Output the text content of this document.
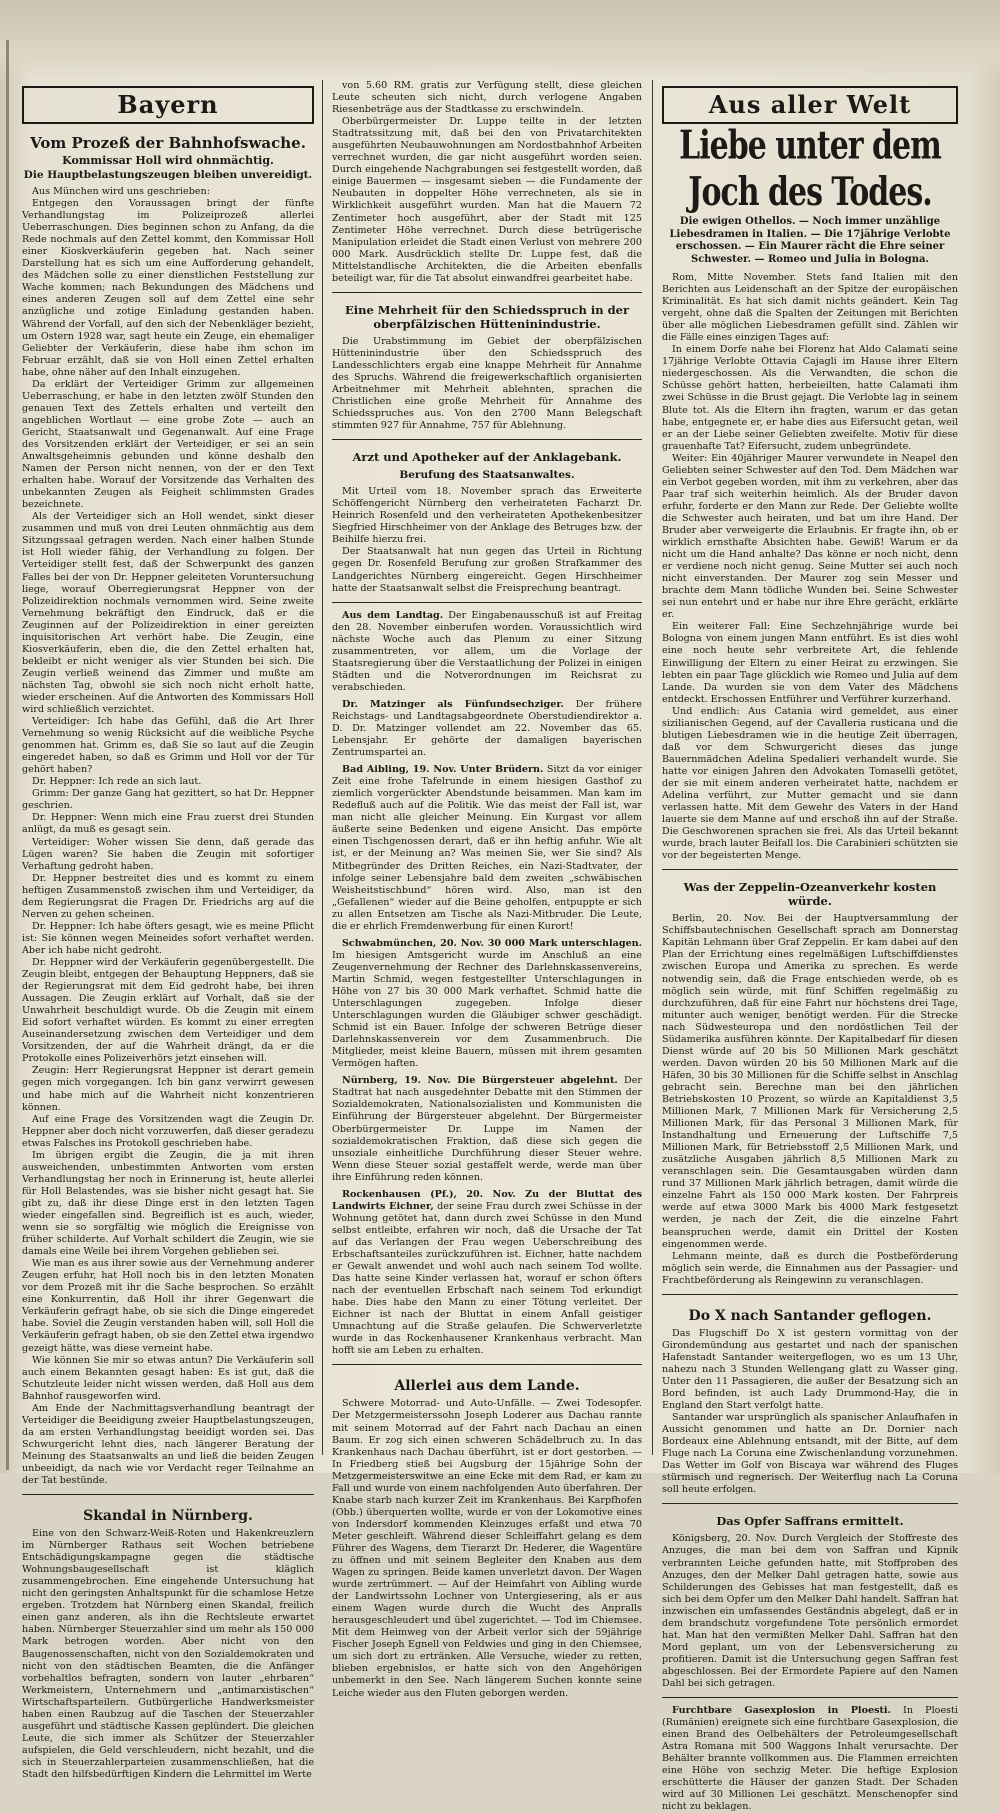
Bayern
Vom Prozeß der Bahnhofswache.
Kommissar Holl wird ohnmächtig.
Die Hauptbelastungszeugen bleiben unvereidigt.

Aus München wird uns geschrieben:

Entgegen den Voraussagen bringt der fünfte Verhandlungstag im Polizeiprozeß allerlei Ueberraschungen. Dies beginnen schon zu Anfang, da die Rede nochmals auf den Zettel kommt, den Kommissar Holl einer Kioskverkäuferin gegeben hat. Nach seiner Darstellung hat es sich um eine Aufforderung gehandelt, des Mädchen solle zu einer dienstlichen Feststellung zur Wache kommen; nach Bekundungen des Mädchens und eines anderen Zeugen soll auf dem Zettel eine sehr anzügliche und zotige Einladung gestanden haben. Während der Vorfall, auf den sich der Nebenkläger bezieht, um Ostern 1928 war, sagt heute ein Zeuge, ein ehemaliger Geliebter der Verkäuferin, diese habe ihm schon im Februar erzählt, daß sie von Holl einen Zettel erhalten habe, ohne näher auf den Inhalt einzugehen.

Da erklärt der Verteidiger Grimm zur allgemeinen Ueberraschung, er habe in den letzten zwölf Stunden den genauen Text des Zettels erhalten und verteilt den angeblichen Wortlaut — eine grobe Zote — auch an Gericht, Staatsanwalt und Gegenanwalt. Auf eine Frage des Vorsitzenden erklärt der Verteidiger, er sei an sein Anwaltsgeheimnis gebunden und könne deshalb den Namen der Person nicht nennen, von der er den Text erhalten habe. Worauf der Vorsitzende das Verhalten des unbekannten Zeugen als Feigheit schlimmsten Grades bezeichnete.

Als der Verteidiger sich an Holl wendet, sinkt dieser zusammen und muß von drei Leuten ohnmächtig aus dem Sitzungssaal getragen werden. Nach einer halben Stunde ist Holl wieder fähig, der Verhandlung zu folgen. Der Verteidiger stellt fest, daß der Schwerpunkt des ganzen Falles bei der von Dr. Heppner geleiteten Voruntersuchung liege, worauf Oberregierungsrat Heppner von der Polizeidirektion nochmals vernommen wird. Seine zweite Vernehmung bekräftigt den Eindruck, daß er die Zeuginnen auf der Polizeidirektion in einer gereizten inquisitorischen Art verhört habe. Die Zeugin, eine Kiosverkäuferin, eben die, die den Zettel erhalten hat, bekleibt er nicht weniger als vier Stunden bei sich. Die Zeugin verließ weinend das Zimmer und mußte am nächsten Tag, obwohl sie sich noch nicht erholt hatte, wieder erscheinen. Auf die Antworten des Kommissars Holl wird schließlich verzichtet.

Verteidiger: Ich habe das Gefühl, daß die Art Ihrer Vernehmung so wenig Rücksicht auf die weibliche Psyche genommen hat. Grimm es, daß Sie so laut auf die Zeugin eingeredet haben, so daß es Grimm und Holl vor der Tür gehört haben?

Dr. Heppner: Ich rede an sich laut.

Grimm: Der ganze Gang hat gezittert, so hat Dr. Heppner geschrien.

Dr. Heppner: Wenn mich eine Frau zuerst drei Stunden anlügt, da muß es gesagt sein.

Verteidiger: Woher wissen Sie denn, daß gerade das Lügen waren? Sie haben die Zeugin mit sofortiger Verhaftung gedroht haben.

Dr. Heppner bestreitet dies und es kommt zu einem heftigen Zusammenstoß zwischen ihm und Verteidiger, da dem Regierungsrat die Fragen Dr. Friedrichs arg auf die Nerven zu gehen scheinen.

Dr. Heppner: Ich habe öfters gesagt, wie es meine Pflicht ist: Sie können wegen Meineides sofort verhaftet werden. Aber ich habe nicht gedroht.

Dr. Heppner wird der Verkäuferin gegenübergestellt. Die Zeugin bleibt, entgegen der Behauptung Heppners, daß sie der Regierungsrat mit dem Eid gedroht habe, bei ihren Aussagen. Die Zeugin erklärt auf Vorhalt, daß sie der Unwahrheit beschuldigt wurde. Ob die Zeugin mit einem Eid sofort verhaftet würden. Es kommt zu einer erregten Auseinandersetzung zwischen dem Verteidiger und dem Vorsitzenden, der auf die Wahrheit drängt, da er die Protokolle eines Polizeiverhörs jetzt einsehen will.

Zeugin: Herr Regierungsrat Heppner ist derart gemein gegen mich vorgegangen. Ich bin ganz verwirrt gewesen und habe mich auf die Wahrheit nicht konzentrieren können.

Auf eine Frage des Vorsitzenden wagt die Zeugin Dr. Heppner aber doch nicht vorzuwerfen, daß dieser geradezu etwas Falsches ins Protokoll geschrieben habe.

Im übrigen ergibt die Zeugin, die ja mit ihren ausweichenden, unbestimmten Antworten vom ersten Verhandlungstag her noch in Erinnerung ist, heute allerlei für Holl Belastendes, was sie bisher nicht gesagt hat. Sie gibt zu, daß ihr diese Dinge erst in den letzten Tagen wieder eingefallen sind. Begreiflich ist es auch, wieder, wenn sie so sorgfältig wie möglich die Ereignisse von früher schilderte. Auf Vorhalt schildert die Zeugin, wie sie damals eine Weile bei ihrem Vorgehen geblieben sei.

Wie man es aus ihrer sowie aus der Vernehmung anderer Zeugen erfuhr, hat Holl noch bis in den letzten Monaten vor dem Prozeß mit ihr die Sache besprochen. So erzählt eine Konkurrentin, daß Holl ihr ihrer Gegenwart die Verkäuferin gefragt habe, ob sie sich die Dinge eingeredet habe. Soviel die Zeugin verstanden haben will, soll Holl die Verkäuferin gefragt haben, ob sie den Zettel etwa irgendwo gezeigt hätte, was diese verneint habe.

Wie können Sie mir so etwas antun? Die Verkäuferin soll auch einem Bekannten gesagt haben: Es ist gut, daß die Schutzleute leider nicht wissen werden, daß Holl aus dem Bahnhof rausgeworfen wird.

Am Ende der Nachmittagsverhandlung beantragt der Verteidiger die Beeidigung zweier Hauptbelastungszeugen, da am ersten Verhandlungstag beeidigt worden sei. Das Schwurgericht lehnt dies, nach längerer Beratung der Meinung des Staatsanwalts an und ließ die beiden Zeugen unbeeidigt, da nach wie vor Verdacht reger Teilnahme an der Tat bestünde.

Skandal in Nürnberg.

Eine von den Schwarz-Weiß-Roten und Hakenkreuzlern im Nürnberger Rathaus seit Wochen betriebene Entschädigungskampagne gegen die städtische Wohnungsbaugesellschaft ist kläglich zusammengebrochen. Eine eingehende Untersuchung hat nicht den geringsten Anhaltspunkt für die schamlose Hetze ergeben. Trotzdem hat Nürnberg einen Skandal, freilich einen ganz anderen, als ihn die Rechtsleute erwartet haben. Nürnberger Steuerzahler sind um mehr als 150 000 Mark betrogen worden. Aber nicht von den Baugenossenschaften, nicht von den Sozialdemokraten und nicht von den städtischen Beamten, die die Anfänger vorbehaltlos befragten, sondern von lauter „ehrbaren“ Werkmeistern, Unternehmern und „antimarxistischen“ Wirtschaftsparteilern. Gutbürgerliche Handwerksmeister haben einen Raubzug auf die Taschen der Steuerzahler ausgeführt und städtische Kassen geplündert. Die gleichen Leute, die sich immer als Schützer der Steuerzahler aufspielen, die Geld verschleudern, nicht bezahlt, und die sich in Steuerzahlerparteien zusammenschließen, hat die Stadt den hilfsbedürftigen Kindern die Lehrmittel im Werte

von 5.60 RM. gratis zur Verfügung stellt, diese gleichen Leute scheuten sich nicht, durch verlogene Angaben Riesenbeträge aus der Stadtkasse zu erschwindeln.

Oberbürgermeister Dr. Luppe teilte in der letzten Stadtratssitzung mit, daß bei den von Privatarchitekten ausgeführten Neubauwohnungen am Nordostbahnhof Arbeiten verrechnet wurden, die gar nicht ausgeführt worden seien. Durch eingehende Nachgrabungen sei festgestellt worden, daß einige Bauermen — insgesamt sieben — die Fundamente der Neubauten in doppelter Höhe verrechneten, als sie in Wirklichkeit ausgeführt wurden. Man hat die Mauern 72 Zentimeter hoch ausgeführt, aber der Stadt mit 125 Zentimeter Höhe verrechnet. Durch diese betrügerische Manipulation erleidet die Stadt einen Verlust von mehrere 200 000 Mark. Ausdrücklich stellte Dr. Luppe fest, daß die Mittelstandlische Architekten, die die Arbeiten ebenfalls beteiligt war, für die Tat absolut einwandfrei gearbeitet habe.

Eine Mehrheit für den Schiedsspruch in der oberpfälzischen Hütteninindustrie.

Die Urabstimmung im Gebiet der oberpfälzischen Hütteninindustrie über den Schiedsspruch des Landesschlichters ergab eine knappe Mehrheit für Annahme des Spruchs. Während die freigewerkschaftlich organisierten Arbeitnehmer mit Mehrheit ablehnten, sprachen die Christlichen eine große Mehrheit für Annahme des Schiedsspruches aus. Von den 2700 Mann Belegschaft stimmten 927 für Annahme, 757 für Ablehnung.

Arzt und Apotheker auf der Anklagebank.
Berufung des Staatsanwaltes.

Mit Urteil vom 18. November sprach das Erweiterte Schöffengericht Nürnberg den verheirateten Facharzt Dr. Heinrich Rosenfeld und den verheirateten Apothekenbesitzer Siegfried Hirschheimer von der Anklage des Betruges bzw. der Beihilfe hierzu frei.

Der Staatsanwalt hat nun gegen das Urteil in Richtung gegen Dr. Rosenfeld Berufung zur großen Strafkammer des Landgerichtes Nürnberg eingereicht. Gegen Hirschheimer hatte der Staatsanwalt selbst die Freisprechung beantragt.

Aus dem Landtag. Der Eingabenausschuß ist auf Freitag den 28. November einberufen worden. Voraussichtlich wird nächste Woche auch das Plenum zu einer Sitzung zusammentreten, vor allem, um die Vorlage der Staatsregierung über die Verstaatlichung der Polizei in einigen Städten und die Notverordnungen im Reichsrat zu verabschieden.

Dr. Matzinger als Fünfundsechziger. Der frühere Reichstags- und Landtagsabgeordnete Oberstudiendirektor a. D. Dr. Matzinger vollendet am 22. November das 65. Lebensjahr. Er gehörte der damaligen bayerischen Zentrumspartei an.

Bad Aibling, 19. Nov. Unter Brüdern. Sitzt da vor einiger Zeit eine frohe Tafelrunde in einem hiesigen Gasthof zu ziemlich vorgerückter Abendstunde beisammen. Man kam im Redefluß auch auf die Politik. Wie das meist der Fall ist, war man nicht alle gleicher Meinung. Ein Kurgast vor allem äußerte seine Bedenken und eigene Ansicht. Das empörte einen Tischgenossen derart, daß er ihn heftig anfuhr. Wie alt ist, er der Meinung an? Was meinen Sie, wer Sie sind? Als Mitbegründer des Dritten Reiches, ein Nazi-Stadtvater, der infolge seiner Lebensjahre bald dem zweiten „schwäbischen Weisheitstischbund“ hören wird. Also, man ist den „Gefallenen“ wieder auf die Beine geholfen, entpuppte er sich zu allen Entsetzen am Tische als Nazi-Mitbruder. Die Leute, die er ehrlich Fremdenwerbung für einen Kurort!

Schwabmünchen, 20. Nov. 30 000 Mark unterschlagen. Im hiesigen Amtsgericht wurde im Anschluß an eine Zeugenvernehmung der Rechner des Darlehnskassenvereins, Martin Schmid, wegen festgestellter Unterschlagungen in Höhe von 27 bis 30 000 Mark verhaftet. Schmid hatte die Unterschlagungen zugegeben. Infolge dieser Unterschlagungen wurden die Gläubiger schwer geschädigt. Schmid ist ein Bauer. Infolge der schweren Betrüge dieser Darlehnskassenverein vor dem Zusammenbruch. Die Mitglieder, meist kleine Bauern, müssen mit ihrem gesamten Vermögen haften.

Nürnberg, 19. Nov. Die Bürgersteuer abgelehnt. Der Stadtrat hat nach ausgedehnter Debatte mit den Stimmen der Sozialdemokraten, Nationalsozialisten und Kommunisten die Einführung der Bürgersteuer abgelehnt. Der Bürgermeister Oberbürgermeister Dr. Luppe im Namen der sozialdemokratischen Fraktion, daß diese sich gegen die unsoziale einheitliche Durchführung dieser Steuer wehre. Wenn diese Steuer sozial gestaffelt werde, werde man über ihre Einführung reden können.

Rockenhausen (Pf.), 20. Nov. Zu der Bluttat des Landwirts Eichner, der seine Frau durch zwei Schüsse in der Wohnung getötet hat, dann durch zwei Schüsse in den Mund selbst entleibte, erfahren wir noch, daß die Ursache der Tat auf das Verlangen der Frau wegen Ueberschreibung des Erbschaftsanteiles zurückzuführen ist. Eichner, hatte nachdem er Gewalt anwendet und wohl auch nach seinem Tod wollte. Das hatte seine Kinder verlassen hat, worauf er schon öfters nach der eventuellen Erbschaft nach seinem Tod erkundigt habe. Dies habe den Mann zu einer Tötung verleitet. Der Eichner ist nach der Bluttat in einem Anfall geistiger Umnachtung auf die Straße gelaufen. Die Schwerverletzte wurde in das Rockenhausener Krankenhaus verbracht. Man hofft sie am Leben zu erhalten.

Allerlei aus dem Lande.

Schwere Motorrad- und Auto-Unfälle. — Zwei Todesopfer. Der Metzgermeisterssohn Joseph Loderer aus Dachau rannte mit seinem Motorrad auf der Fahrt nach Dachau an einen Baum. Er zog sich einen schweren Schädelbruch zu. In das Krankenhaus nach Dachau überführt, ist er dort gestorben. — In Friedberg stieß bei Augsburg der 15jährige Sohn der Metzgermeisterswitwe an eine Ecke mit dem Rad, er kam zu Fall und wurde von einem nachfolgenden Auto überfahren. Der Knabe starb nach kurzer Zeit im Krankenhaus. Bei Karpfhofen (Obb.) überquerten wollte, wurde er von der Lokomotive eines von Indersdorf kommenden Kleinzuges erfaßt und etwa 70 Meter geschleift. Während dieser Schleiffahrt gelang es dem Führer des Wagens, dem Tierarzt Dr. Hederer, die Wagentüre zu öffnen und mit seinem Begleiter den Knaben aus dem Wagen zu springen. Beide kamen unverletzt davon. Der Wagen wurde zertrümmert. — Auf der Heimfahrt von Aibling wurde der Landwirtssohn Lochner von Untergiesering, als er aus einem Wagen wurde durch die Wucht des Anpralls herausgeschleudert und übel zugerichtet. — Tod im Chiemsee. Mit dem Heimweg von der Arbeit verlor sich der 59jährige Fischer Joseph Egnell von Feldwies und ging in den Chiemsee, um sich dort zu ertränken. Alle Versuche, wieder zu retten, blieben ergebnislos, er hatte sich von den Angehörigen unbemerkt in den See. Nach längerem Suchen konnte seine Leiche wieder aus den Fluten geborgen werden.

Aus aller Welt
Liebe unter dem Joch des Todes.
Die ewigen Othellos. — Noch immer unzählige Liebesdramen in Italien. — Die 17jährige Verlobte erschossen. — Ein Maurer rächt die Ehre seiner Schwester. — Romeo und Julia in Bologna.

Rom, Mitte November. Stets fand Italien mit den Berichten aus Leidenschaft an der Spitze der europäischen Kriminalität. Es hat sich damit nichts geändert. Kein Tag vergeht, ohne daß die Spalten der Zeitungen mit Berichten über alle möglichen Liebesdramen gefüllt sind. Zählen wir die Fälle eines einzigen Tages auf:

In einem Dorfe nahe bei Florenz hat Aldo Calamati seine 17jährige Verlobte Ottavia Cajagli im Hause ihrer Eltern niedergeschossen. Als die Verwandten, die schon die Schüsse gehört hatten, herbeieilten, hatte Calamati ihm zwei Schüsse in die Brust gejagt. Die Verlobte lag in seinem Blute tot. Als die Eltern ihn fragten, warum er das getan habe, entgegnete er, er habe dies aus Eifersucht getan, weil er an der Liebe seiner Geliebten zweifelte. Motiv für diese grauenhafte Tat? Eifersucht, zudem unbegründete.

Weiter: Ein 40jähriger Maurer verwundete in Neapel den Geliebten seiner Schwester auf den Tod. Dem Mädchen war ein Verbot gegeben worden, mit ihm zu verkehren, aber das Paar traf sich weiterhin heimlich. Als der Bruder davon erfuhr, forderte er den Mann zur Rede. Der Geliebte wollte die Schwester auch heiraten, und bat um ihre Hand. Der Bruder aber verweigerte die Erlaubnis. Er fragte ihn, ob er wirklich ernsthafte Absichten habe. Gewiß! Warum er da nicht um die Hand anhalte? Das könne er noch nicht, denn er verdiene noch nicht genug. Seine Mutter sei auch noch nicht einverstanden. Der Maurer zog sein Messer und brachte dem Mann tödliche Wunden bei. Seine Schwester sei nun entehrt und er habe nur ihre Ehre gerächt, erklärte er.

Ein weiterer Fall: Eine Sechzehnjährige wurde bei Bologna von einem jungen Mann entführt. Es ist dies wohl eine noch heute sehr verbreitete Art, die fehlende Einwilligung der Eltern zu einer Heirat zu erzwingen. Sie lebten ein paar Tage glücklich wie Romeo und Julia auf dem Lande. Da wurden sie von dem Vater des Mädchens entdeckt. Erschossen Entführer und Verführer kurzerhand.

Und endlich: Aus Catania wird gemeldet, aus einer sizilianischen Gegend, auf der Cavalleria rusticana und die blutigen Liebesdramen wie in die heutige Zeit überragen, daß vor dem Schwurgericht dieses das junge Bauernmädchen Adelina Spedalieri verhandelt wurde. Sie hatte vor einigen Jahren den Advokaten Tomaselli getötet, der sie mit einem anderen verheiratet hatte, nachdem er Adelina verführt, zur Mutter gemacht und sie dann verlassen hatte. Mit dem Gewehr des Vaters in der Hand lauerte sie dem Manne auf und erschoß ihn auf der Straße. Die Geschworenen sprachen sie frei. Als das Urteil bekannt wurde, brach lauter Beifall los. Die Carabinieri schützten sie vor der begeisterten Menge.

Was der Zeppelin-Ozeanverkehr kosten würde.

Berlin, 20. Nov. Bei der Hauptversammlung der Schiffsbautechnischen Gesellschaft sprach am Donnerstag Kapitän Lehmann über Graf Zeppelin. Er kam dabei auf den Plan der Errichtung eines regelmäßigen Luftschiffdienstes zwischen Europa und Amerika zu sprechen. Es werde notwendig sein, daß die Frage entschieden werde, ob es möglich sein würde, mit fünf Schiffen regelmäßig zu durchzuführen, daß für eine Fahrt nur höchstens drei Tage, mitunter auch weniger, benötigt werden. Für die Strecke nach Südwesteuropa und den nordöstlichen Teil der Südamerika ausführen könnte. Der Kapitalbedarf für diesen Dienst würde auf 20 bis 50 Millionen Mark geschätzt werden. Davon würden 20 bis 50 Millionen Mark auf die Häfen, 30 bis 30 Millionen für die Schiffe selbst in Anschlag gebracht sein. Berechne man bei den jährlichen Betriebskosten 10 Prozent, so würde an Kapitaldienst 3,5 Millionen Mark, 7 Millionen Mark für Versicherung 2,5 Millionen Mark, für das Personal 3 Millionen Mark, für Instandhaltung und Erneuerung der Luftschiffe 7,5 Millionen Mark, für Betriebsstoff 2,5 Millionen Mark, und zusätzliche Ausgaben jährlich 8,5 Millionen Mark zu veranschlagen sein. Die Gesamtausgaben würden dann rund 37 Millionen Mark jährlich betragen, damit würde die einzelne Fahrt als 150 000 Mark kosten. Der Fahrpreis werde auf etwa 3000 Mark bis 4000 Mark festgesetzt werden, je nach der Zeit, die die einzelne Fahrt beanspruchen werde, damit ein Drittel der Kosten eingenommen werde.

Lehmann meinte, daß es durch die Postbeförderung möglich sein werde, die Einnahmen aus der Passagier- und Frachtbeförderung als Reingewinn zu veranschlagen.

Do X nach Santander geflogen.

Das Flugschiff Do X ist gestern vormittag von der Girondemündung aus gestartet und nach der spanischen Hafenstadt Santander weitergeflogen, wo es um 13 Uhr, nahezu nach 3 Stunden Wellengang glatt zu Wasser ging. Unter den 11 Passagieren, die außer der Besatzung sich an Bord befinden, ist auch Lady Drummond-Hay, die in England den Start verfolgt hatte.

Santander war ursprünglich als spanischer Anlaufhafen in Aussicht genommen und hatte an Dr. Dornier nach Bordeaux eine Ablehnung entsandt, mit der Bitte, auf dem Fluge nach La Coruna eine Zwischenlandung vorzunehmen. Das Wetter im Golf von Biscaya war während des Fluges stürmisch und regnerisch. Der Weiterflug nach La Coruna soll heute erfolgen.

Das Opfer Saffrans ermittelt.

Königsberg, 20. Nov. Durch Vergleich der Stoffreste des Anzuges, die man bei dem von Saffran und Kipnik verbrannten Leiche gefunden hatte, mit Stoffproben des Anzuges, den der Melker Dahl getragen hatte, sowie aus Schilderungen des Gebisses hat man festgestellt, daß es sich bei dem Opfer um den Melker Dahl handelt. Saffran hat inzwischen ein umfassendes Geständnis abgelegt, daß er in dem brandschutz vorgefundene Tote persönlich ermordet hat. Man hat den vermißten Melker Dahl. Saffran hat den Mord geplant, um von der Lebensversicherung zu profitieren. Damit ist die Untersuchung gegen Saffran fest abgeschlossen. Bei der Ermordete Papiere auf den Namen Dahl bei sich getragen.

Furchtbare Gasexplosion in Ploesti. In Ploesti (Rumänien) ereignete sich eine furchtbare Gasexplosion, die einen Brand des Oelbehälters der Petroleumgesellschaft Astra Romana mit 500 Waggons Inhalt verursachte. Der Behälter brannte vollkommen aus. Die Flammen erreichten eine Höhe von sechzig Meter. Die heftige Explosion erschütterte die Häuser der ganzen Stadt. Der Schaden wird auf 30 Millionen Lei geschätzt. Menschenopfer sind nicht zu beklagen.
